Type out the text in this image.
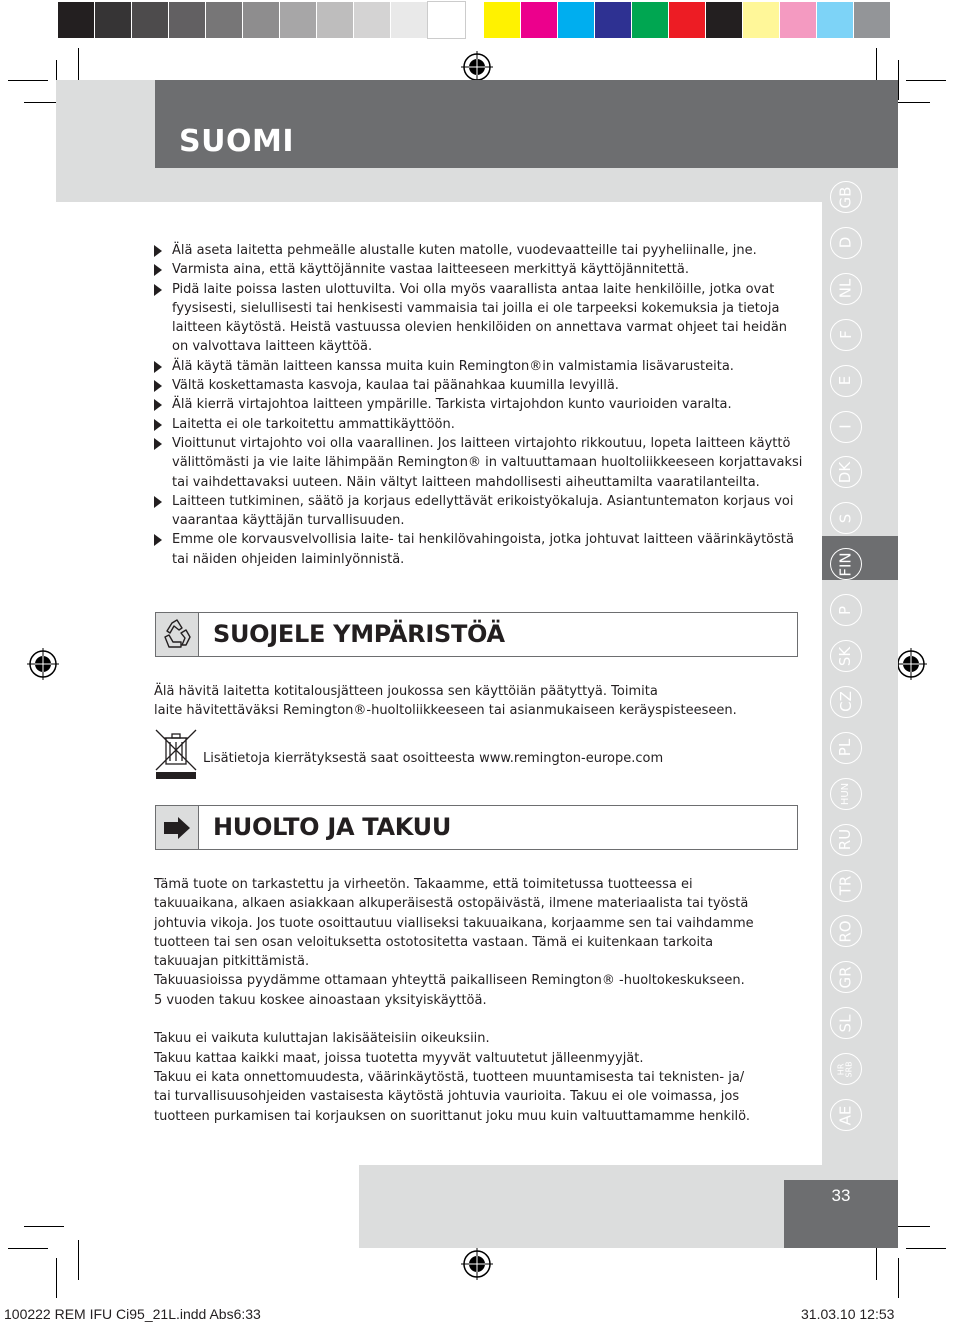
SUOMI
GB
D
NL
F
E
I
DK
S
FIN
P
SK
CZ
PL
HUN
RU
TR
RO
GR
SL
HR
SRB
AE
Älä aseta laitetta pehmeälle alustalle kuten matolle, vuodevaatteille tai pyyheliinalle, jne.
Varmista aina, että käyttöjännite vastaa laitteeseen merkittyä käyttöjännitettä.
Pidä laite poissa lasten ulottuvilta. Voi olla myös vaarallista antaa laite henkilöille, jotka ovat fyysisesti, sielullisesti tai henkisesti vammaisia tai joilla ei ole tarpeeksi kokemuksia ja tietoja laitteen käytöstä. Heistä vastuussa olevien henkilöiden on annettava varmat ohjeet tai heidän on valvottava laitteen käyttöä.
Älä käytä tämän laitteen kanssa muita kuin Remington®in valmistamia lisävarusteita.
Vältä koskettamasta kasvoja, kaulaa tai päänahkaa kuumilla levyillä.
Älä kierrä virtajohtoa laitteen ympärille. Tarkista virtajohdon kunto vaurioiden varalta.
Laitetta ei ole tarkoitettu ammattikäyttöön.
Vioittunut virtajohto voi olla vaarallinen. Jos laitteen virtajohto rikkoutuu, lopeta laitteen käyttö välittömästi ja vie laite lähimpään Remington® in valtuuttamaan huoltoliikkeeseen korjattavaksi tai vaihdettavaksi uuteen. Näin vältyt laitteen mahdollisesti aiheuttamilta vaaratilanteilta.
Laitteen tutkiminen, säätö ja korjaus edellyttävät erikoistyökaluja. Asiantuntematon korjaus voi vaarantaa käyttäjän turvallisuuden.
Emme ole korvausvelvollisia laite- tai henkilövahingoista, jotka johtuvat laitteen väärinkäytöstä tai näiden ohjeiden laiminlyönnistä.
SUOJELE YMPÄRISTÖÄ
Älä hävitä laitetta kotitalousjätteen joukossa sen käyttöiän päätyttyä. Toimita
laite hävitettäväksi Remington®-huoltoliikkeeseen tai asianmukaiseen keräyspisteeseen.
Lisätietoja kierrätyksestä saat osoitteesta www.remington-europe.com
HUOLTO JA TAKUU
Tämä tuote on tarkastettu ja virheetön. Takaamme, että toimitetussa tuotteessa ei
takuuaikana, alkaen asiakkaan alkuperäisestä ostopäivästä, ilmene materiaalista tai työstä
johtuvia vikoja. Jos tuote osoittautuu vialliseksi takuuaikana, korjaamme sen tai vaihdamme
tuotteen tai sen osan veloituksetta ostotositetta vastaan. Tämä ei kuitenkaan tarkoita
takuuajan pitkittämistä.
Takuuasioissa pyydämme ottamaan yhteyttä paikalliseen Remington® -huoltokeskukseen.
5 vuoden takuu koskee ainoastaan yksityiskäyttöä.

Takuu ei vaikuta kuluttajan lakisääteisiin oikeuksiin.
Takuu kattaa kaikki maat, joissa tuotetta myyvät valtuutetut jälleenmyyjät.
Takuu ei kata onnettomuudesta, väärinkäytöstä, tuotteen muuntamisesta tai teknisten- ja/
tai turvallisuusohjeiden vastaisesta käytöstä johtuvia vaurioita. Takuu ei ole voimassa, jos
tuotteen purkamisen tai korjauksen on suorittanut joku muu kuin valtuuttamamme henkilö.
33
100222 REM IFU Ci95_21L.indd Abs6:33	31.03.10 12:53
